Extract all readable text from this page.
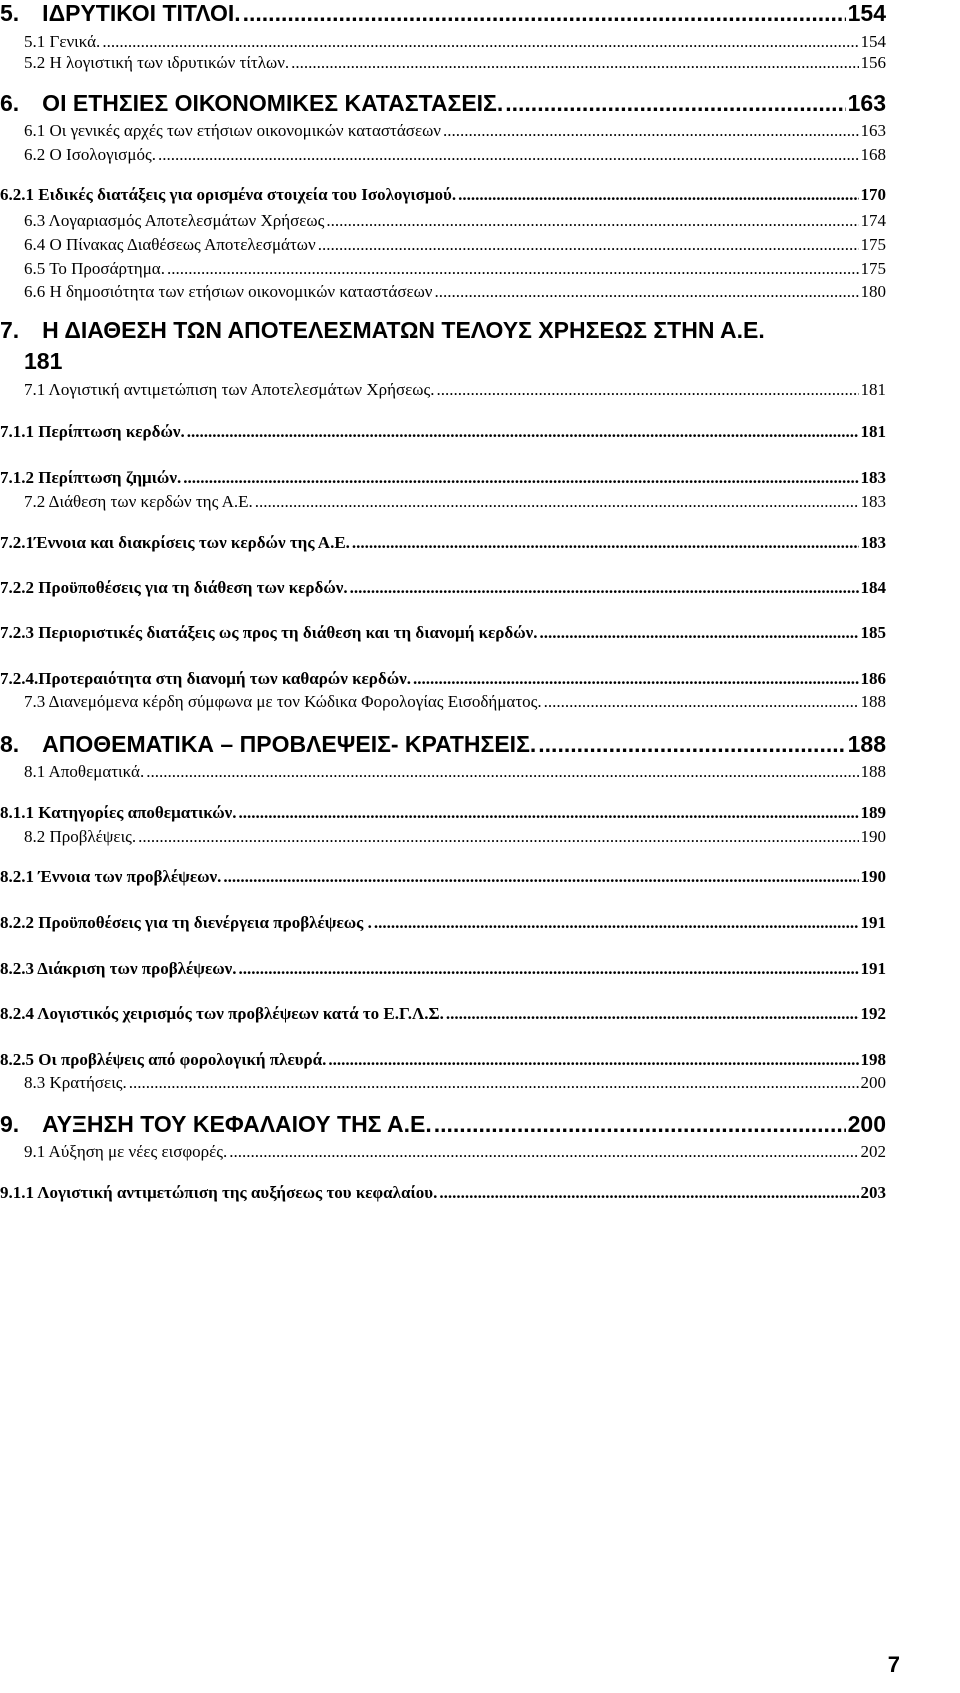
5. ΙΔΡΥΤΙΚΟΙ ΤΙΤΛΟΙ. .....	154
5.1 Γενικά. .....	154
5.2 Η λογιστική των ιδρυτικών τίτλων. .....	156
6. ΟΙ ΕΤΗΣΙΕΣ ΟΙΚΟΝΟΜΙΚΕΣ ΚΑΤΑΣΤΑΣΕΙΣ. .....	163
6.1 Οι γενικές αρχές των ετήσιων οικονομικών καταστάσεων .....	163
6.2 Ο Ισολογισμός. .....	168
6.2.1 Ειδικές διατάξεις για ορισμένα στοιχεία του Ισολογισμού. .....	170
6.3 Λογαριασμός Αποτελεσμάτων Χρήσεως .....	174
6.4 Ο Πίνακας Διαθέσεως Αποτελεσμάτων .....	175
6.5 Το Προσάρτημα. .....	175
6.6 Η δημοσιότητα των ετήσιων οικονομικών καταστάσεων .....	180
7. Η ΔΙΑΘΕΣΗ ΤΩΝ ΑΠΟΤΕΛΕΣΜΑΤΩΝ ΤΕΛΟΥΣ ΧΡΗΣΕΩΣ ΣΤΗΝ Α.Ε.
181
7.1 Λογιστική αντιμετώπιση των Αποτελεσμάτων Χρήσεως. .....	181
7.1.1 Περίπτωση κερδών. .....	181
7.1.2 Περίπτωση ζημιών. .....	183
7.2 Διάθεση των κερδών της Α.Ε. .....	183
7.2.1Έννοια και διακρίσεις των κερδών της Α.Ε. .....	183
7.2.2 Προϋποθέσεις για τη διάθεση των κερδών. .....	184
7.2.3 Περιοριστικές διατάξεις ως προς τη διάθεση και τη διανομή κερδών. .....	185
7.2.4.Προτεραιότητα στη διανομή των καθαρών κερδών. .....	186
7.3 Διανεμόμενα κέρδη σύμφωνα με τον Κώδικα Φορολογίας Εισοδήματος. .....	188
8. ΑΠΟΘΕΜΑΤΙΚΑ – ΠΡΟΒΛΕΨΕΙΣ- ΚΡΑΤΗΣΕΙΣ. .....	188
8.1 Αποθεματικά. .....	188
8.1.1 Κατηγορίες αποθεματικών. .....	189
8.2 Προβλέψεις. .....	190
8.2.1 Έννοια των προβλέψεων. .....	190
8.2.2 Προϋποθέσεις για τη διενέργεια προβλέψεως . .....	191
8.2.3 Διάκριση των προβλέψεων. .....	191
8.2.4 Λογιστικός χειρισμός των προβλέψεων κατά το Ε.Γ.Λ.Σ. .....	192
8.2.5 Οι προβλέψεις από φορολογική πλευρά. .....	198
8.3 Κρατήσεις. .....	200
9. ΑΥΞΗΣΗ ΤΟΥ ΚΕΦΑΛΑΙΟΥ ΤΗΣ Α.Ε. .....	200
9.1 Αύξηση με νέες εισφορές. .....	202
9.1.1 Λογιστική αντιμετώπιση της αυξήσεως του κεφαλαίου. .....	203
7
